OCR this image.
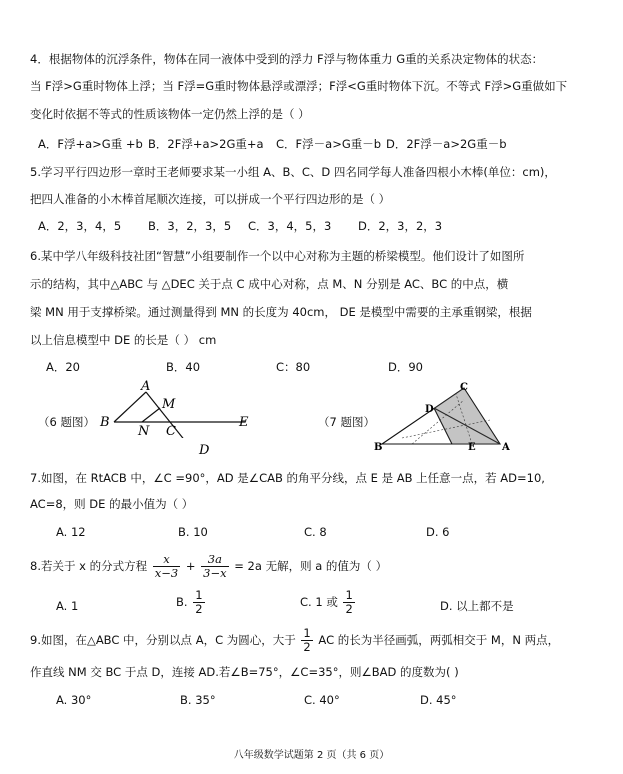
4．根据物体的沉浮条件，物体在同一液体中受到的浮力 F浮与物体重力 G重的关系决定物体的状态：
当 F浮>G重时物体上浮；当 F浮=G重时物体悬浮或漂浮；F浮<G重时物体下沉。不等式 F浮>G重做如下
变化时依据不等式的性质该物体一定仍然上浮的是（ ）
A．F浮+a>G重 +b B．2F浮+a>2G重+a C．F浮－a>G重－b D．2F浮－a>2G重－b
5.学习平行四边形一章时王老师要求某一小组 A、B、C、D 四名同学每人准备四根小木棒(单位：cm)，
把四人准备的小木棒首尾顺次连接，可以拼成一个平行四边形的是（ ）
A．2，3，4，5 B．3，2，3，5 C．3，4，5，3 D．2，3，2，3
6.某中学八年级科技社团“智慧”小组要制作一个以中心对称为主题的桥梁模型。他们设计了如图所
示的结构，其中△ABC 与 △DEC 关于点 C 成中心对称，点 M、N 分别是 AC、BC 的中点，横
梁 MN 用于支撑桥梁。通过测量得到 MN 的长度为 40cm， DE 是模型中需要的主承重钢梁，根据
以上信息模型中 DE 的长是（ ） cm
A．20	B．40	C：80	D．90
（6 题图）
A
M
B
N C
E
D
（7 题图）
C
D
B	E	A
7.如图，在 RtACB 中，∠C =90°，AD 是∠CAB 的角平分线，点 E 是 AB 上任意一点，若 AD=10,
AC=8，则 DE 的最小值为（ ）
A. 12	B. 10	C. 8	D. 6
8.若关于 x 的分式方程 $\frac{x}{x-3} + \frac{3a}{3-x} = 2a$ 无解，则 a 的值为（ ）
A. 1	B. $\frac{1}{2}$	C. 1 或 $\frac{1}{2}$	D. 以上都不是
9.如图，在△ABC 中，分别以点 A，C 为圆心，大于 $\frac{1}{2}$ AC 的长为半径画弧，两弧相交于 M，N 两点，
作直线 NM 交 BC 于点 D，连接 AD.若∠B=75°，∠C=35°，则∠BAD 的度数为( )
A. 30°	B. 35°	C. 40°	D. 45°
八年级数学试题第 2 页（共 6 页）
